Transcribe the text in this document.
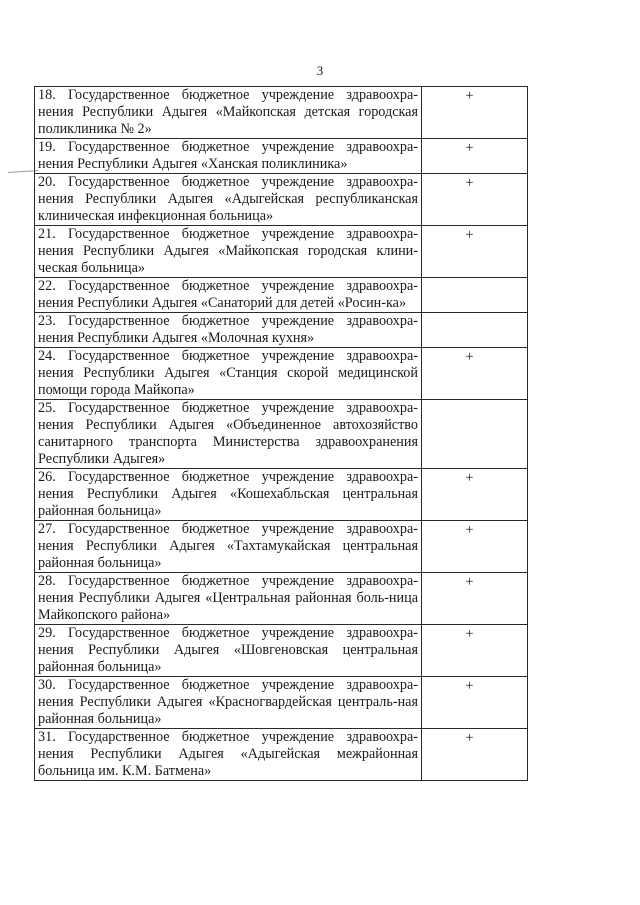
3
18. Государственное бюджетное учреждение здравоохра-нения Республики Адыгея «Майкопская детская городская поликлиника № 2»	+

19. Государственное бюджетное учреждение здравоохра-нения Республики Адыгея «Ханская поликлиника»	+

20. Государственное бюджетное учреждение здравоохра-нения Республики Адыгея «Адыгейская республиканская клиническая инфекционная больница»	+

21. Государственное бюджетное учреждение здравоохра-нения Республики Адыгея «Майкопская городская клини-ческая больница»	+

22. Государственное бюджетное учреждение здравоохра-нения Республики Адыгея «Санаторий для детей «Росин-ка»	

23. Государственное бюджетное учреждение здравоохра-нения Республики Адыгея «Молочная кухня»	

24. Государственное бюджетное учреждение здравоохра-нения Республики Адыгея «Станция скорой медицинской помощи города Майкопа»	+

25. Государственное бюджетное учреждение здравоохра-нения Республики Адыгея «Объединенное автохозяйство санитарного транспорта Министерства здравоохранения Республики Адыгея»	

26. Государственное бюджетное учреждение здравоохра-нения Республики Адыгея «Кошехабльская центральная районная больница»	+

27. Государственное бюджетное учреждение здравоохра-нения Республики Адыгея «Тахтамукайская центральная районная больница»	+

28. Государственное бюджетное учреждение здравоохра-нения Республики Адыгея «Центральная районная боль-ница Майкопского района»	+

29. Государственное бюджетное учреждение здравоохра-нения Республики Адыгея «Шовгеновская центральная районная больница»	+

30. Государственное бюджетное учреждение здравоохра-нения Республики Адыгея «Красногвардейская централь-ная районная больница»	+

31. Государственное бюджетное учреждение здравоохра-нения Республики Адыгея «Адыгейская межрайонная больница им. К.М. Батмена»	+
